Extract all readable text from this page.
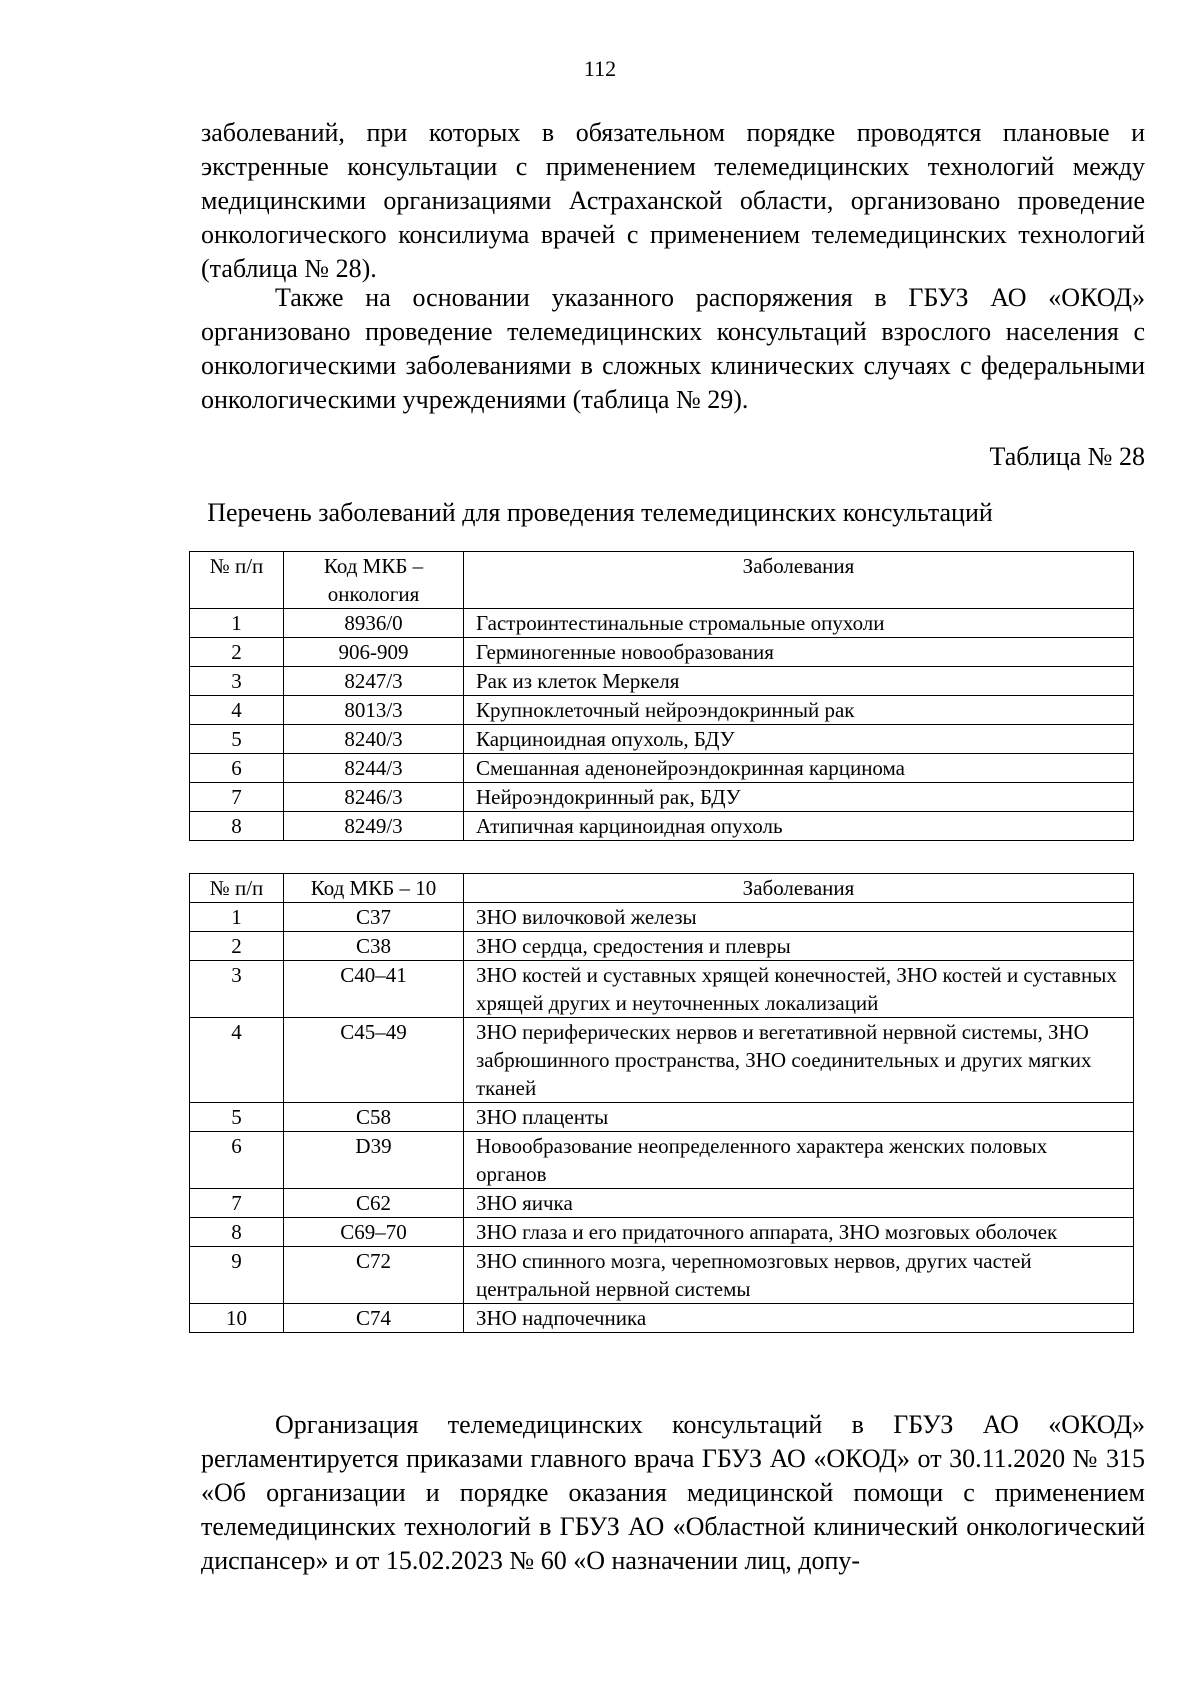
112

заболеваний, при которых в обязательном порядке проводятся плановые и экстренные консультации с применением телемедицинских технологий между медицинскими организациями Астраханской области, организовано проведение онкологического консилиума врачей с применением телемедицинских технологий (таблица № 28).

Также на основании указанного распоряжения в ГБУЗ АО «ОКОД» организовано проведение телемедицинских консультаций взрослого населения с онкологическими заболеваниями в сложных клинических случаях с федеральными онкологическими учреждениями (таблица № 29).

Таблица № 28
Перечень заболеваний для проведения телемедицинских консультаций
№ п/п	Код МКБ – онкология	Заболевания
1	8936/0	Гастроинтестинальные стромальные опухоли
2	906-909	Герминогенные новообразования
3	8247/3	Рак из клеток Меркеля
4	8013/3	Крупноклеточный нейроэндокринный рак
5	8240/3	Карциноидная опухоль, БДУ
6	8244/3	Смешанная аденонейроэндокринная карцинома
7	8246/3	Нейроэндокринный рак, БДУ
8	8249/3	Атипичная карциноидная опухоль
№ п/п	Код МКБ – 10	Заболевания
1	С37	ЗНО вилочковой железы
2	С38	ЗНО сердца, средостения и плевры
3	С40–41	ЗНО костей и суставных хрящей конечностей, ЗНО костей и суставных хрящей других и неуточненных локализаций
4	С45–49	ЗНО периферических нервов и вегетативной нервной системы, ЗНО забрюшинного пространства, ЗНО соединительных и других мягких тканей
5	С58	ЗНО плаценты
6	D39	Новообразование неопределенного характера женских половых органов
7	С62	ЗНО яичка
8	С69–70	ЗНО глаза и его придаточного аппарата, ЗНО мозговых оболочек
9	С72	ЗНО спинного мозга, черепномозговых нервов, других частей центральной нервной системы
10	С74	ЗНО надпочечника

Организация телемедицинских консультаций в ГБУЗ АО «ОКОД» регламентируется приказами главного врача ГБУЗ АО «ОКОД» от 30.11.2020 № 315 «Об организации и порядке оказания медицинской помощи с применением телемедицинских технологий в ГБУЗ АО «Областной клинический онкологический диспансер» и от 15.02.2023 № 60 «О назначении лиц, допу-
